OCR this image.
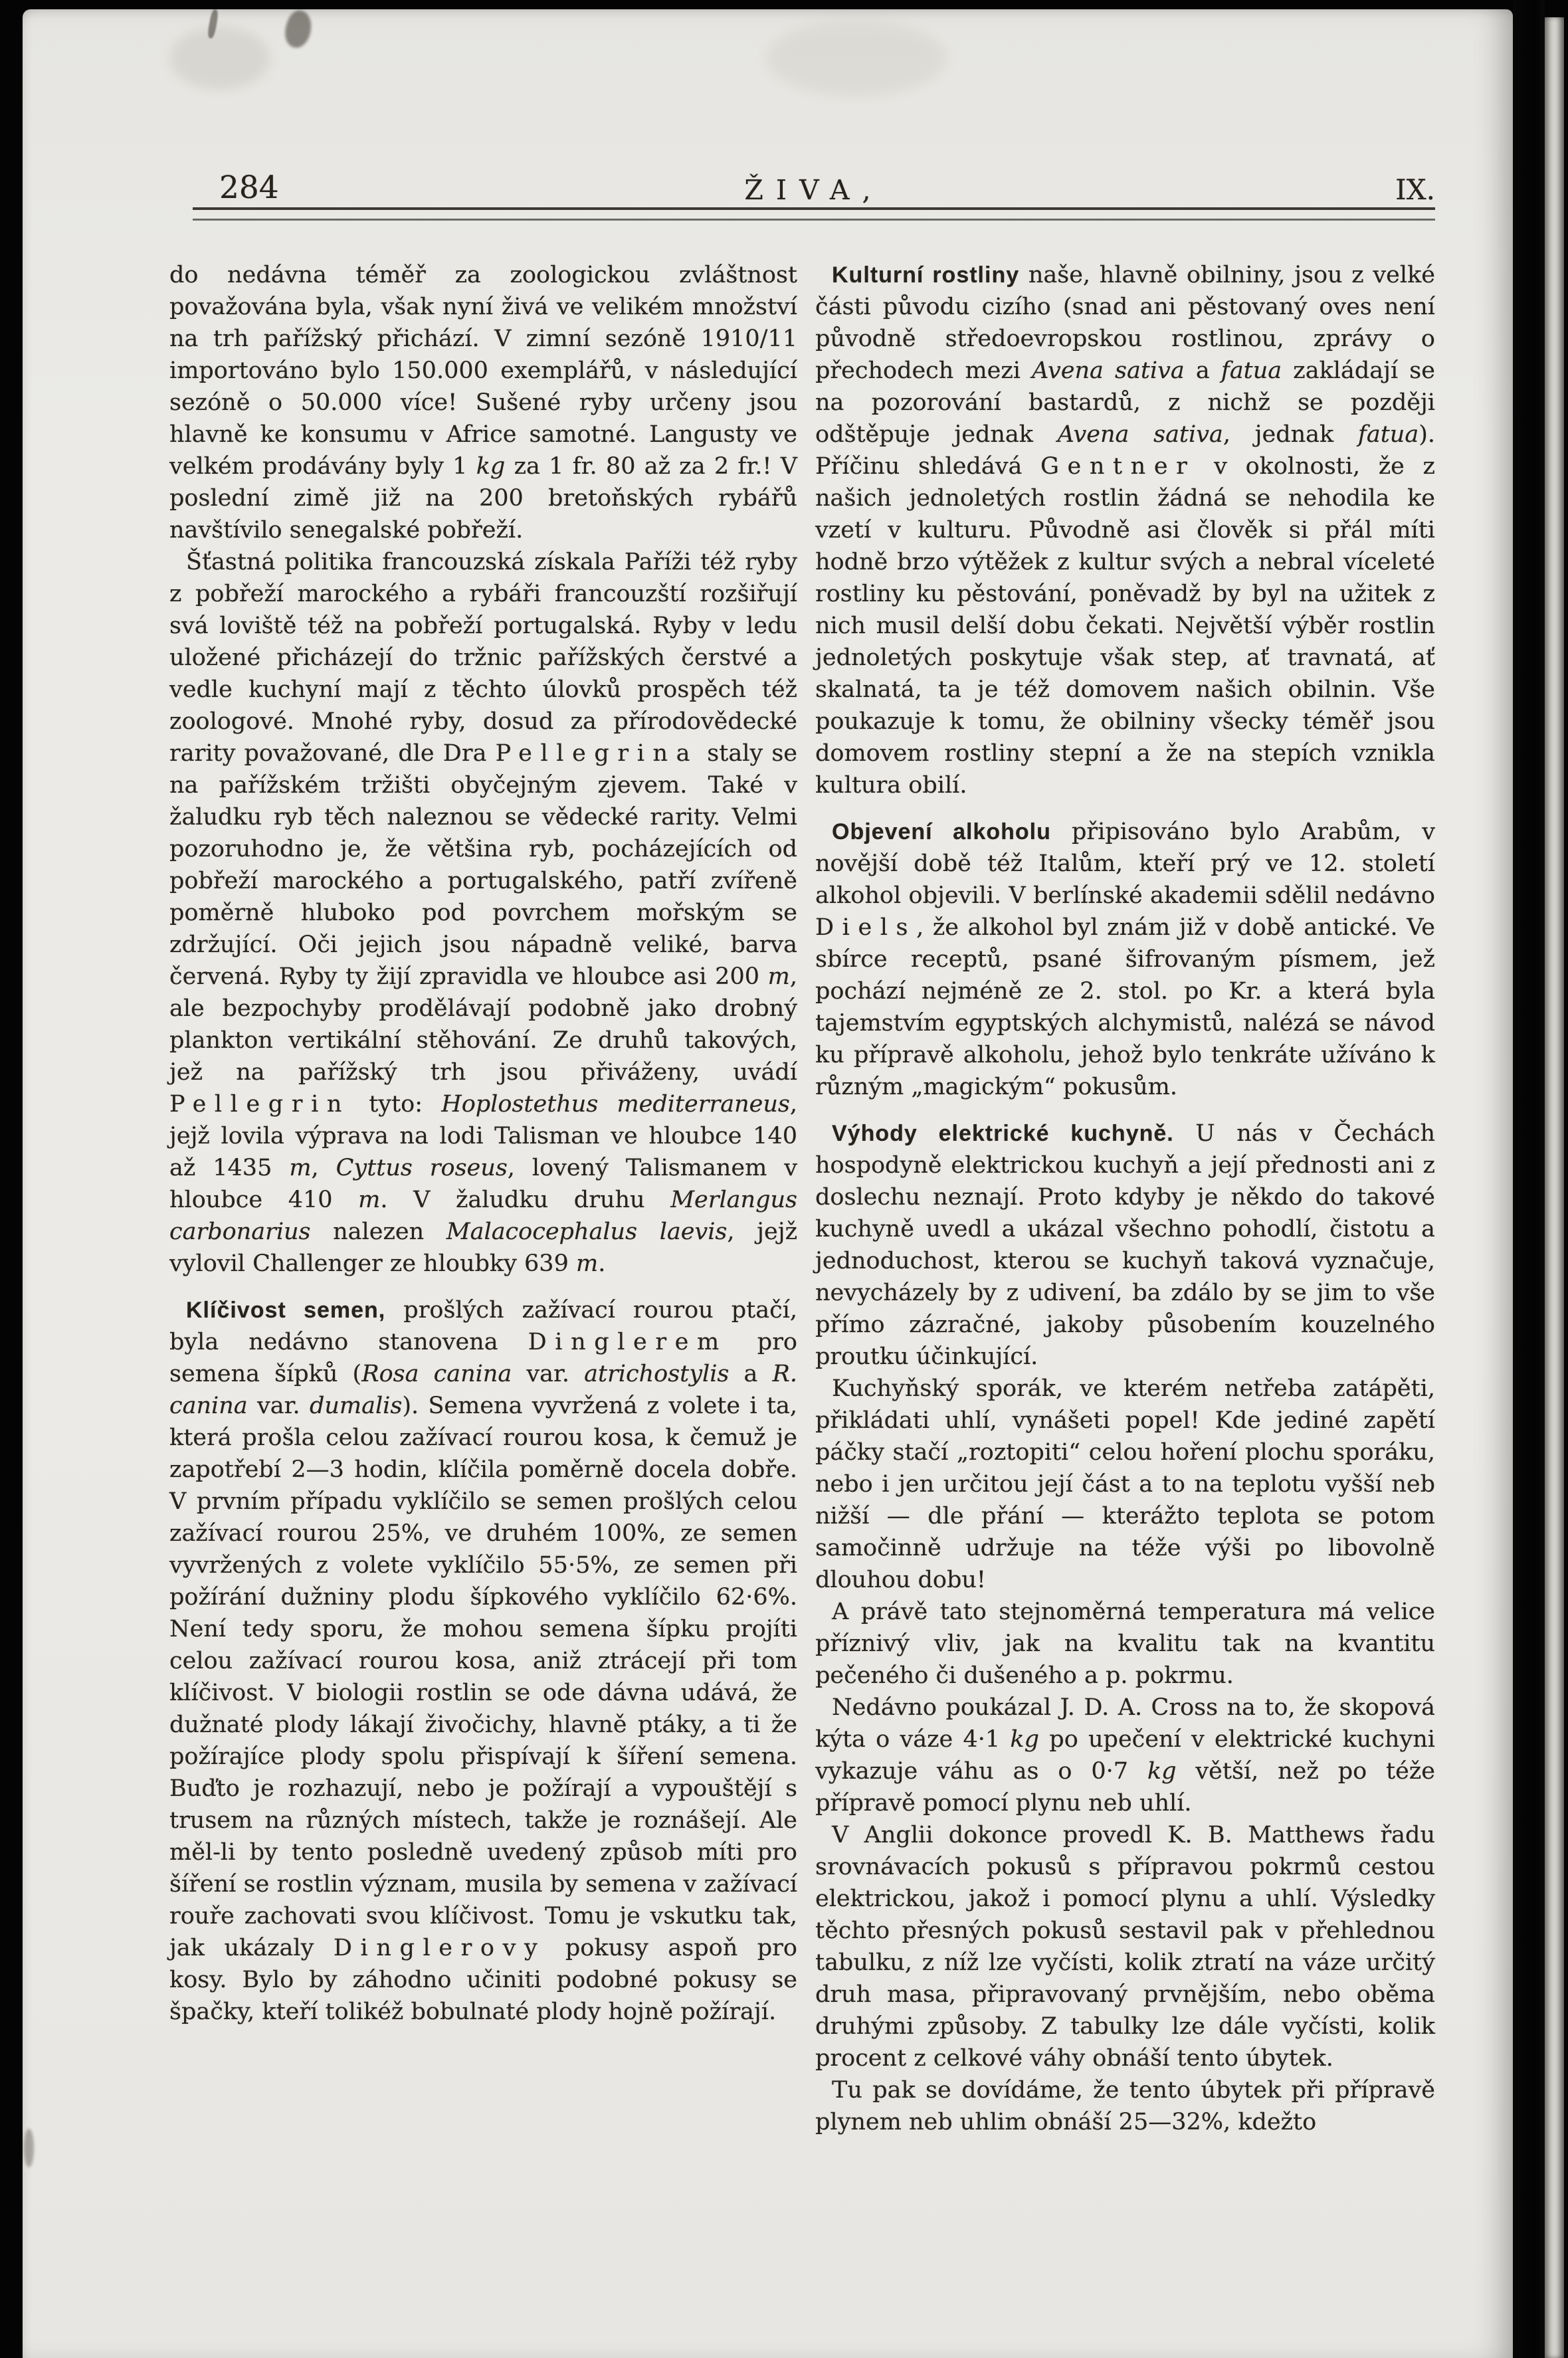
284	ŽIVA,	IX.

do nedávna téměř za zoologickou zvláštnost považována byla, však nyní živá ve velikém množství na trh pařížský přichází. V zimní sezóně 1910/11 importováno bylo 150.000 exemplářů, v následující sezóně o 50.000 více! Sušené ryby určeny jsou hlavně ke konsumu v Africe samotné. Langusty ve velkém prodávány byly 1 kg za 1 fr. 80 až za 2 fr.! V poslední zimě již na 200 bretoňských rybářů navštívilo senegalské pobřeží.

Šťastná politika francouzská získala Paříži též ryby z pobřeží marockého a rybáři francouzští rozšiřují svá loviště též na pobřeží portugalská. Ryby v ledu uložené přicházejí do tržnic pařížských čerstvé a vedle kuchyní mají z těchto úlovků prospěch též zoologové. Mnohé ryby, dosud za přírodovědecké rarity považované, dle Dra Pellegrina staly se na pařížském tržišti obyčejným zjevem. Také v žaludku ryb těch naleznou se vědecké rarity. Velmi pozoruhodno je, že většina ryb, pocházejících od pobřeží marockého a portugalského, patří zvířeně poměrně hluboko pod povrchem mořským se zdržující. Oči jejich jsou nápadně veliké, barva červená. Ryby ty žijí zpravidla ve hloubce asi 200 m, ale bezpochyby prodělávají podobně jako drobný plankton vertikální stěhování. Ze druhů takových, jež na pařížský trh jsou přiváženy, uvádí Pellegrin tyto: Hoplostethus mediterraneus, jejž lovila výprava na lodi Talisman ve hloubce 140 až 1435 m, Cyttus roseus, lovený Talismanem v hloubce 410 m. V žaludku druhu Merlangus carbonarius nalezen Malacocephalus laevis, jejž vylovil Challenger ze hloubky 639 m.

Klíčivost semen, prošlých zažívací rourou ptačí, byla nedávno stanovena Dinglerem pro semena šípků (Rosa canina var. atrichostylis a R. canina var. dumalis). Semena vyvržená z volete i ta, která prošla celou zažívací rourou kosa, k čemuž je zapotřebí 2—3 hodin, klíčila poměrně docela dobře. V prvním případu vyklíčilo se semen prošlých celou zažívací rourou 25%, ve druhém 100%, ze semen vyvržených z volete vyklíčilo 55·5%, ze semen při požírání dužniny plodu šípkového vyklíčilo 62·6%. Není tedy sporu, že mohou semena šípku projíti celou zažívací rourou kosa, aniž ztrácejí při tom klíčivost. V biologii rostlin se ode dávna udává, že dužnaté plody lákají živočichy, hlavně ptáky, a ti že požírajíce plody spolu přispívají k šíření semena. Buďto je rozhazují, nebo je požírají a vypouštějí s trusem na různých místech, takže je roznášejí. Ale měl-li by tento posledně uvedený způsob míti pro šíření se rostlin význam, musila by semena v zažívací rouře zachovati svou klíčivost. Tomu je vskutku tak, jak ukázaly Dinglerovy pokusy aspoň pro kosy. Bylo by záhodno učiniti podobné pokusy se špačky, kteří tolikéž bobulnaté plody hojně požírají.

Kulturní rostliny naše, hlavně obilniny, jsou z velké části původu cizího (snad ani pěstovaný oves není původně středoevropskou rostlinou, zprávy o přechodech mezi Avena sativa a fatua zakládají se na pozorování bastardů, z nichž se později odštěpuje jednak Avena sativa, jednak fatua). Příčinu shledává Gentner v okolnosti, že z našich jednoletých rostlin žádná se nehodila ke vzetí v kulturu. Původně asi člověk si přál míti hodně brzo výtěžek z kultur svých a nebral víceleté rostliny ku pěstování, poněvadž by byl na užitek z nich musil delší dobu čekati. Největší výběr rostlin jednoletých poskytuje však step, ať travnatá, ať skalnatá, ta je též domovem našich obilnin. Vše poukazuje k tomu, že obilniny všecky téměř jsou domovem rostliny stepní a že na stepích vznikla kultura obilí.

Objevení alkoholu připisováno bylo Arabům, v novější době též Italům, kteří prý ve 12. století alkohol objevili. V berlínské akademii sdělil nedávno Diels, že alkohol byl znám již v době antické. Ve sbírce receptů, psané šifrovaným písmem, jež pochází nejméně ze 2. stol. po Kr. a která byla tajemstvím egyptských alchymistů, nalézá se návod ku přípravě alkoholu, jehož bylo tenkráte užíváno k různým „magickým“ pokusům.

Výhody elektrické kuchyně. U nás v Čechách hospodyně elektrickou kuchyň a její přednosti ani z doslechu neznají. Proto kdyby je někdo do takové kuchyně uvedl a ukázal všechno pohodlí, čistotu a jednoduchost, kterou se kuchyň taková vyznačuje, nevycházely by z udivení, ba zdálo by se jim to vše přímo zázračné, jakoby působením kouzelného proutku účinkující.

Kuchyňský sporák, ve kterém netřeba zatápěti, přikládati uhlí, vynášeti popel! Kde jediné zapětí páčky stačí „roztopiti“ celou hoření plochu sporáku, nebo i jen určitou její část a to na teplotu vyšší neb nižší — dle přání — kterážto teplota se potom samočinně udržuje na téže výši po libovolně dlouhou dobu!

A právě tato stejnoměrná temperatura má velice příznivý vliv, jak na kvalitu tak na kvantitu pečeného či dušeného a p. pokrmu.

Nedávno poukázal J. D. A. Cross na to, že skopová kýta o váze 4·1 kg po upečení v elektrické kuchyni vykazuje váhu as o 0·7 kg větší, než po téže přípravě pomocí plynu neb uhlí.

V Anglii dokonce provedl K. B. Matthews řadu srovnávacích pokusů s přípravou pokrmů cestou elektrickou, jakož i pomocí plynu a uhlí. Výsledky těchto přesných pokusů sestavil pak v přehlednou tabulku, z níž lze vyčísti, kolik ztratí na váze určitý druh masa, připravovaný prvnějším, nebo oběma druhými způsoby. Z tabulky lze dále vyčísti, kolik procent z celkové váhy obnáší tento úbytek.

Tu pak se dovídáme, že tento úbytek při přípravě plynem neb uhlim obnáší 25—32%, kdežto
